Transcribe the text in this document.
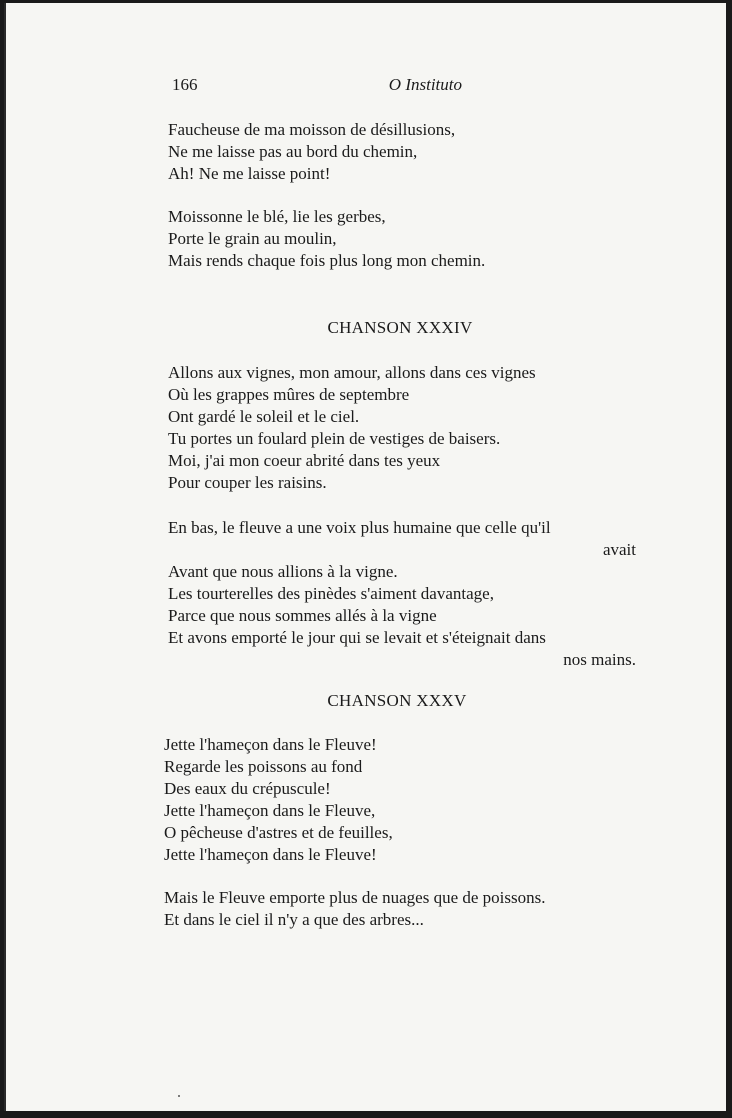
166	O Instituto
Faucheuse de ma moisson de désillusions,
Ne me laisse pas au bord du chemin,
Ah! Ne me laisse point!
Moissonne le blé, lie les gerbes,
Porte le grain au moulin,
Mais rends chaque fois plus long mon chemin.
CHANSON XXXIV
Allons aux vignes, mon amour, allons dans ces vignes
Où les grappes mûres de septembre
Ont gardé le soleil et le ciel.
Tu portes un foulard plein de vestiges de baisers.
Moi, j'ai mon coeur abrité dans tes yeux
Pour couper les raisins.
En bas, le fleuve a une voix plus humaine que celle qu'il
avait
Avant que nous allions à la vigne.
Les tourterelles des pinèdes s'aiment davantage,
Parce que nous sommes allés à la vigne
Et avons emporté le jour qui se levait et s'éteignait dans
nos mains.
CHANSON XXXV
Jette l'hameçon dans le Fleuve!
Regarde les poissons au fond
Des eaux du crépuscule!
Jette l'hameçon dans le Fleuve,
O pêcheuse d'astres et de feuilles,
Jette l'hameçon dans le Fleuve!
Mais le Fleuve emporte plus de nuages que de poissons.
Et dans le ciel il n'y a que des arbres...
